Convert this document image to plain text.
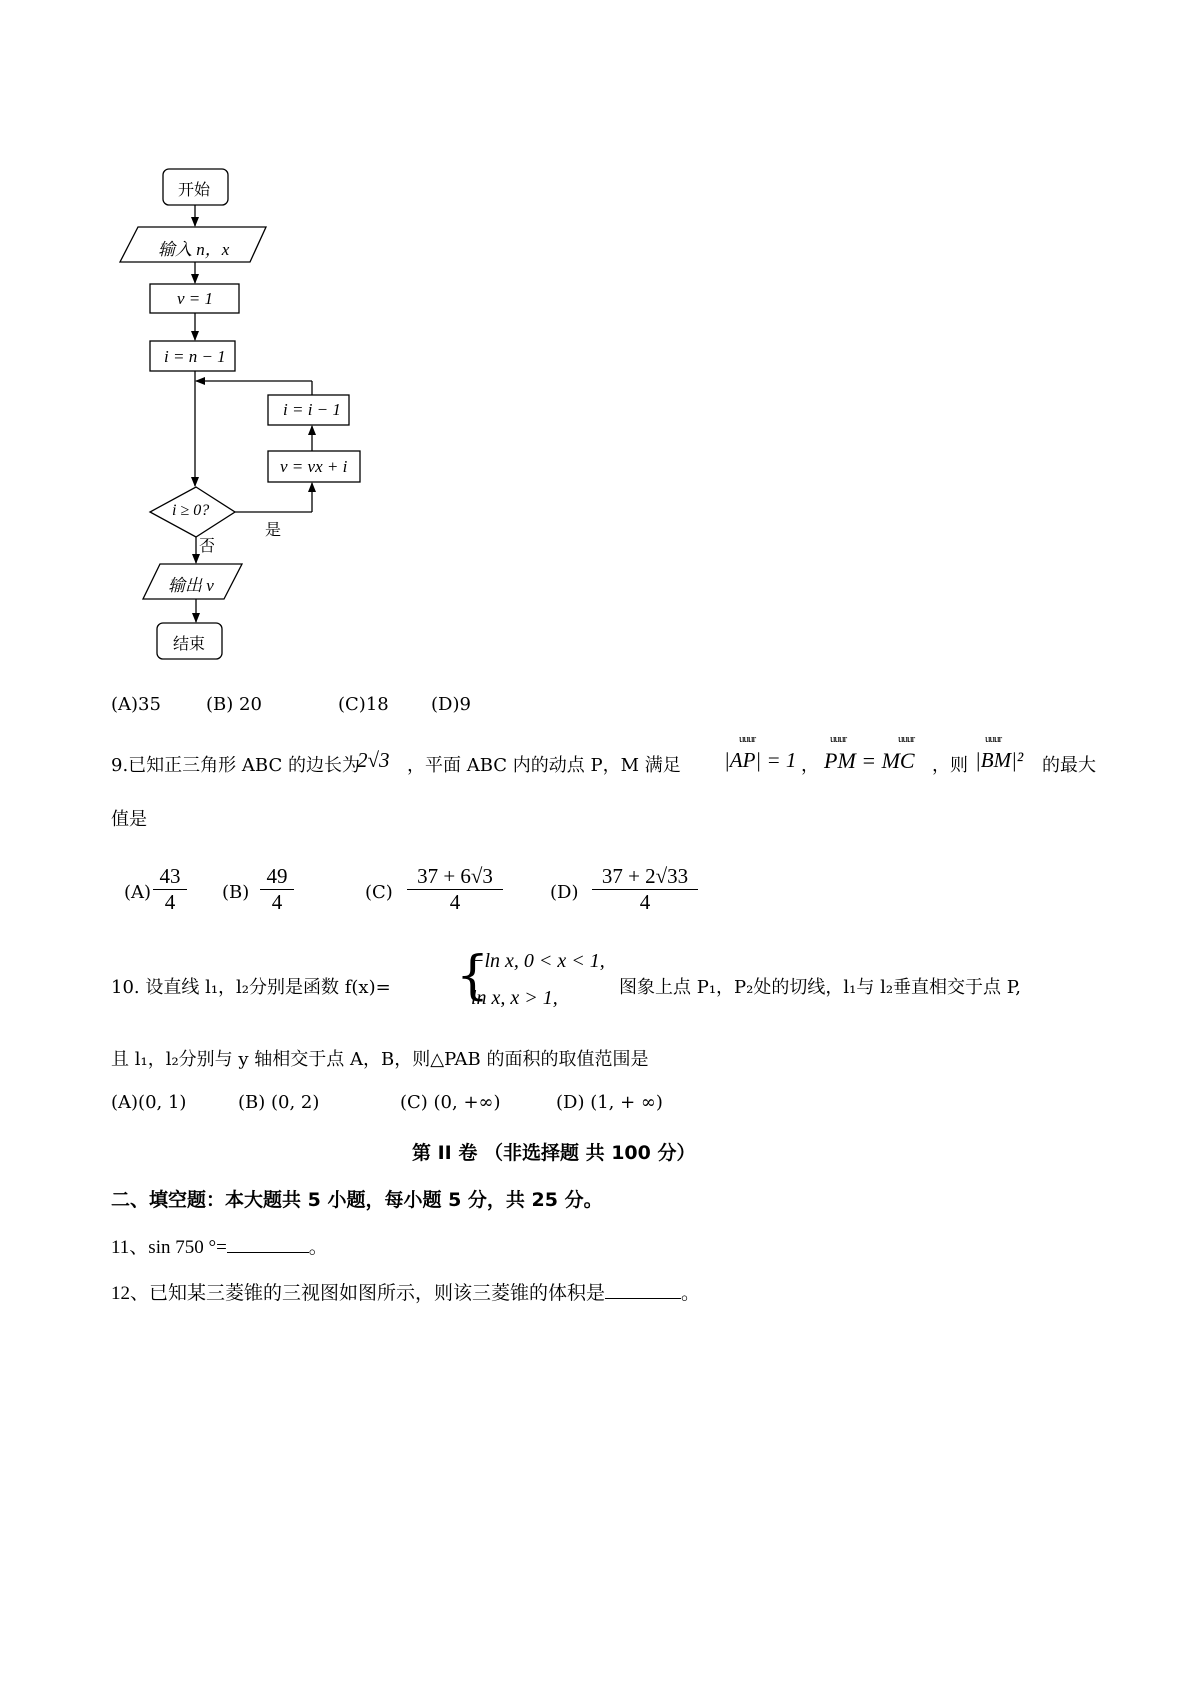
开始
输入 n，x
v = 1
i = n − 1
i = i − 1
v = vx + i
i ≥ 0?
是
否
输出 v
结束
(A)35	(B) 20	(C)18 (D)9
9.已知正三角形 ABC 的边长为
2√3 ，平面 ABC 内的动点 P，M 满足
uuur
|AP| = 1 ，
uuur	uuur
PM = MC ，则
uuur
|BM|² 的最大
值是
(A)
43
4	(B)
49
4	(C)
37 + 6√3
4	(D)
37 + 2√33
4
10. 设直线 l₁，l₂分别是函数 f(x)= {
−ln x, 0 < x < 1,
ln x, x > 1,	图象上点 P₁，P₂处的切线，l₁与 l₂垂直相交于点 P,
且 l₁，l₂分别与 y 轴相交于点 A，B，则△PAB 的面积的取值范围是
(A)(0, 1)	(B) (0, 2)	(C) (0, +∞)	(D) (1, + ∞)
第 II 卷 （非选择题 共 100 分）
二、填空题：本大题共 5 小题，每小题 5 分，共 25 分。
11、sin 750 °=	。
12、已知某三菱锥的三视图如图所示，则该三菱锥的体积是	。
